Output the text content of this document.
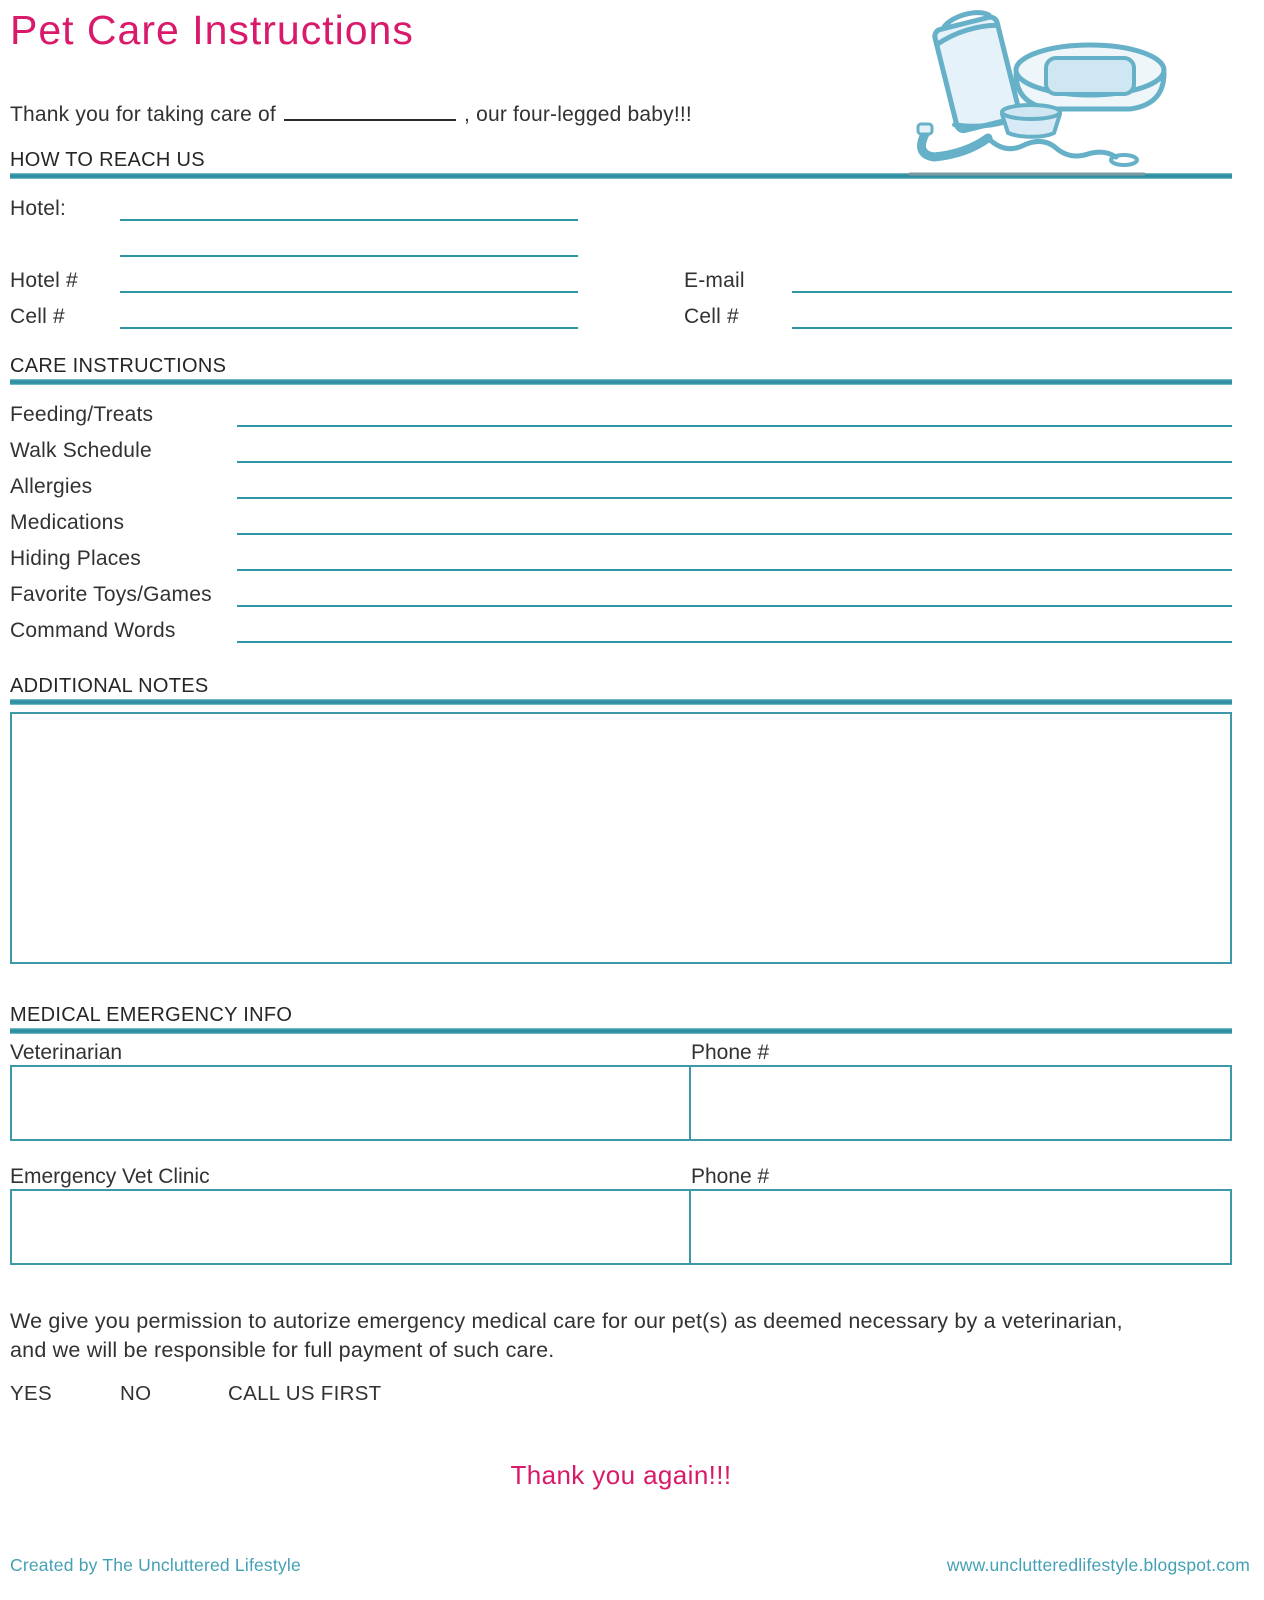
Pet Care Instructions
Thank you for taking care of	, our four-legged baby!!!
HOW TO REACH US
Hotel:
Hotel #	E-mail
Cell #	Cell #
CARE INSTRUCTIONS
Feeding/Treats
Walk Schedule
Allergies
Medications
Hiding Places
Favorite Toys/Games
Command Words
ADDITIONAL NOTES
MEDICAL EMERGENCY INFO
Veterinarian	Phone #
Emergency Vet Clinic	Phone #
We give you permission to autorize emergency medical care for our pet(s) as deemed necessary by a veterinarian,
and we will be responsible for full payment of such care.
YES	NO	CALL US FIRST
Thank you again!!!
Created by The Uncluttered Lifestyle	www.unclutteredlifestyle.blogspot.com
